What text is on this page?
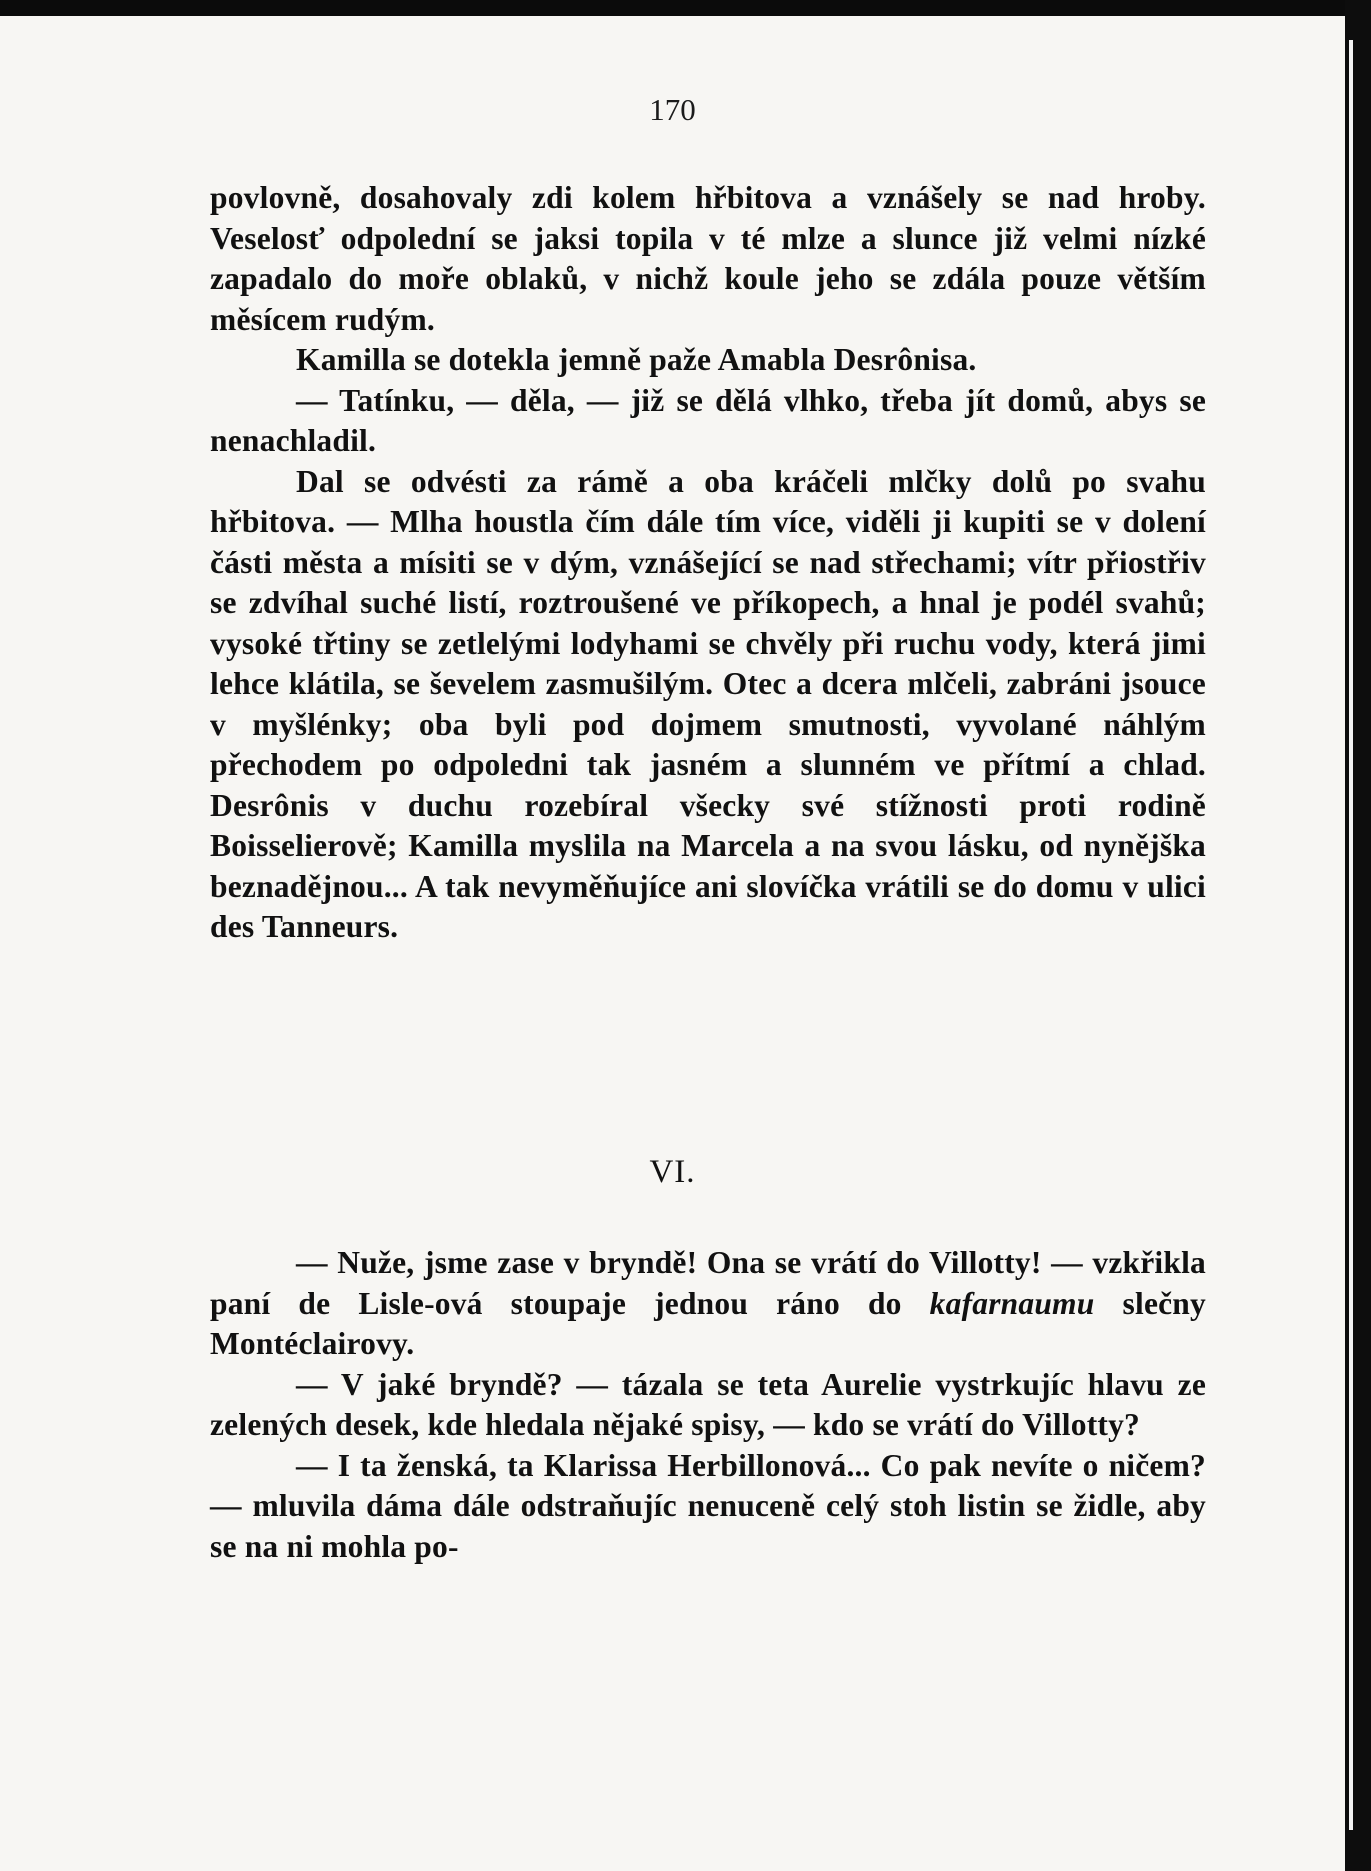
170

povlovně, dosahovaly zdi kolem hřbitova a vznášely se nad hroby. Veselosť odpolední se jaksi topila v té mlze a slunce již velmi nízké zapadalo do moře oblaků, v nichž koule jeho se zdála pouze větším měsícem rudým.

Kamilla se dotekla jemně paže Amabla Desrônisa.

— Tatínku, — děla, — již se dělá vlhko, třeba jít domů, abys se nenachladil.

Dal se odvésti za rámě a oba kráčeli mlčky dolů po svahu hřbitova. — Mlha houstla čím dále tím více, viděli ji kupiti se v dolení části města a mísiti se v dým, vznášející se nad střechami; vítr přiostřiv se zdvíhal suché listí, roztroušené ve příkopech, a hnal je podél svahů; vysoké třtiny se zetlelými lodyhami se chvěly při ruchu vody, která jimi lehce klátila, se ševelem zasmušilým. Otec a dcera mlčeli, zabráni jsouce v myšlénky; oba byli pod dojmem smutnosti, vyvolané náhlým přechodem po odpoledni tak jasném a slunném ve přítmí a chlad. Desrônis v duchu rozebíral všecky své stížnosti proti rodině Boisselierově; Kamilla myslila na Marcela a na svou lásku, od nynějška beznadějnou... A tak nevyměňujíce ani slovíčka vrátili se do domu v ulici des Tanneurs.

VI.

— Nuže, jsme zase v bryndě! Ona se vrátí do Villotty! — vzkřikla paní de Lisle-ová stoupaje jednou ráno do kafarnaumu slečny Montéclairovy.

— V jaké bryndě? — tázala se teta Aurelie vystrkujíc hlavu ze zelených desek, kde hledala nějaké spisy, — kdo se vrátí do Villotty?

— I ta ženská, ta Klarissa Herbillonová... Co pak nevíte o ničem? — mluvila dáma dále odstraňujíc nenuceně celý stoh listin se židle, aby se na ni mohla po-
